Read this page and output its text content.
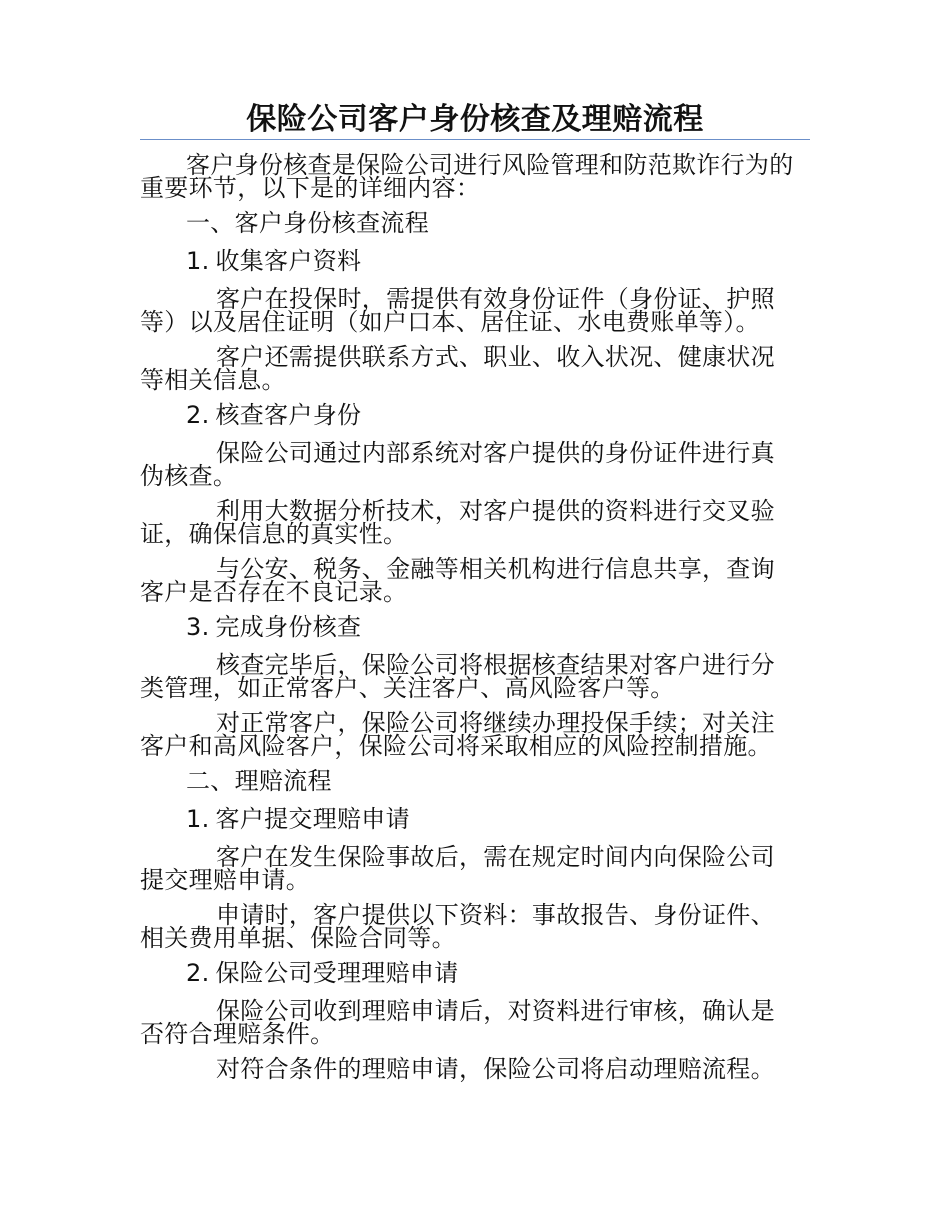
保险公司客户身份核查及理赔流程

客户身份核查是保险公司进行风险管理和防范欺诈行为的重要环节，以下是的详细内容：

一、客户身份核查流程

1. 收集客户资料

客户在投保时，需提供有效身份证件（身份证、护照等）以及居住证明（如户口本、居住证、水电费账单等）。

客户还需提供联系方式、职业、收入状况、健康状况等相关信息。

2. 核查客户身份

保险公司通过内部系统对客户提供的身份证件进行真伪核查。

利用大数据分析技术，对客户提供的资料进行交叉验证，确保信息的真实性。

与公安、税务、金融等相关机构进行信息共享，查询客户是否存在不良记录。

3. 完成身份核查

核查完毕后，保险公司将根据核查结果对客户进行分类管理，如正常客户、关注客户、高风险客户等。

对正常客户，保险公司将继续办理投保手续；对关注客户和高风险客户，保险公司将采取相应的风险控制措施。

二、理赔流程

1. 客户提交理赔申请

客户在发生保险事故后，需在规定时间内向保险公司提交理赔申请。

申请时，客户提供以下资料：事故报告、身份证件、相关费用单据、保险合同等。

2. 保险公司受理理赔申请

保险公司收到理赔申请后，对资料进行审核，确认是否符合理赔条件。

对符合条件的理赔申请，保险公司将启动理赔流程。
